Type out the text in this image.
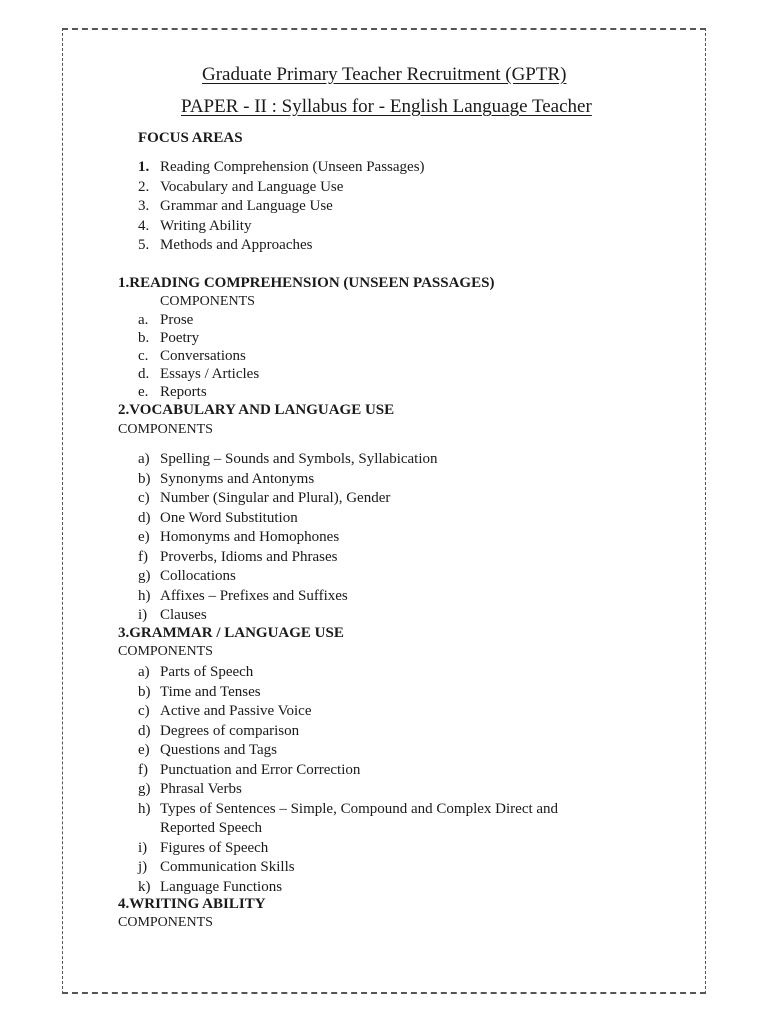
Graduate Primary Teacher Recruitment (GPTR)
PAPER - II : Syllabus for - English Language Teacher
FOCUS AREAS
1. Reading Comprehension (Unseen Passages)
2. Vocabulary and Language Use
3. Grammar and Language Use
4. Writing Ability
5. Methods and Approaches
1.READING COMPREHENSION (UNSEEN PASSAGES)
COMPONENTS
a. Prose
b. Poetry
c. Conversations
d. Essays / Articles
e. Reports
2.VOCABULARY AND LANGUAGE USE
COMPONENTS
a) Spelling – Sounds and Symbols, Syllabication
b) Synonyms and Antonyms
c) Number (Singular and Plural), Gender
d) One Word Substitution
e) Homonyms and Homophones
f) Proverbs, Idioms and Phrases
g) Collocations
h) Affixes – Prefixes and Suffixes
i) Clauses
3.GRAMMAR / LANGUAGE USE
COMPONENTS
a) Parts of Speech
b) Time and Tenses
c) Active and Passive Voice
d) Degrees of comparison
e) Questions and Tags
f) Punctuation and Error Correction
g) Phrasal Verbs
h) Types of Sentences – Simple, Compound and Complex Direct and
Reported Speech
i) Figures of Speech
j) Communication Skills
k) Language Functions
4.WRITING ABILITY
COMPONENTS
